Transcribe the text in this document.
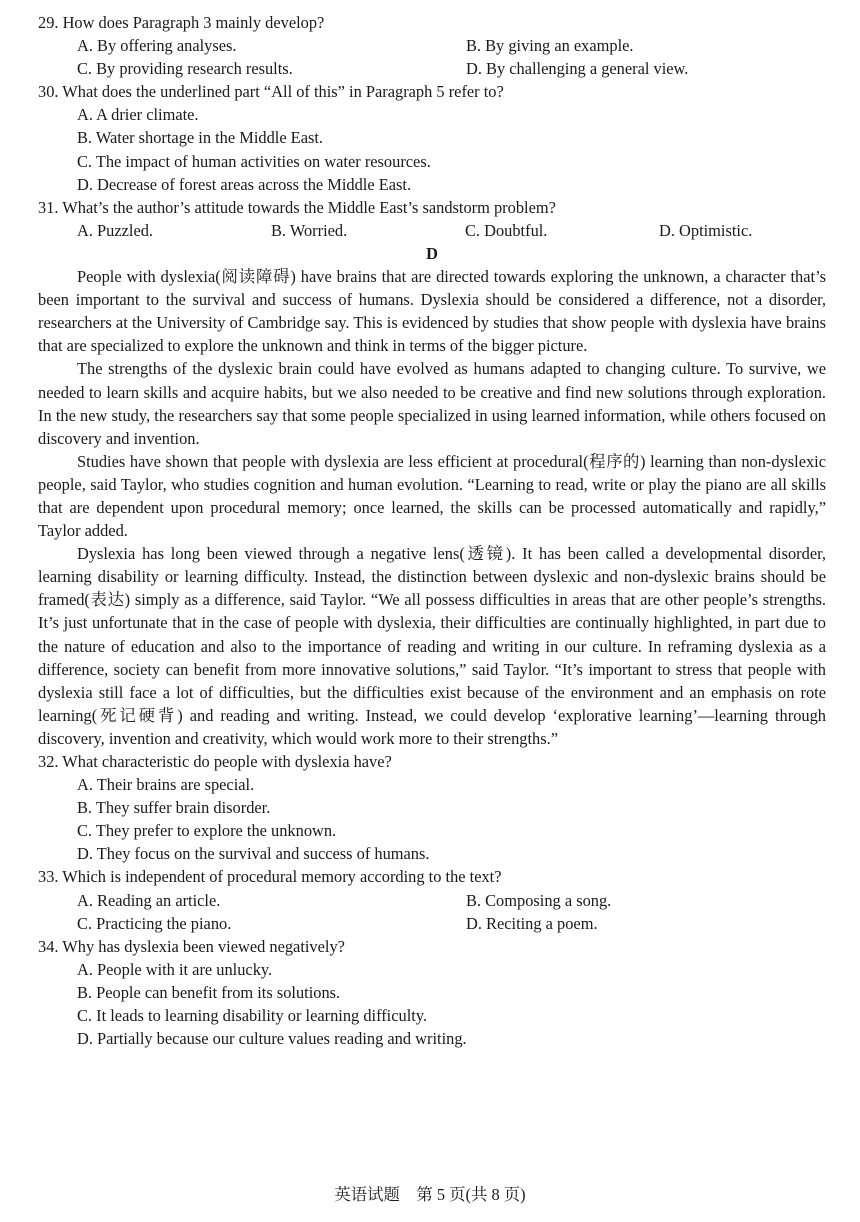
29. How does Paragraph 3 mainly develop?
A. By offering analyses.	B. By giving an example.
C. By providing research results.	D. By challenging a general view.
30. What does the underlined part “All of this” in Paragraph 5 refer to?
A. A drier climate.
B. Water shortage in the Middle East.
C. The impact of human activities on water resources.
D. Decrease of forest areas across the Middle East.
31. What’s the author’s attitude towards the Middle East’s sandstorm problem?
A. Puzzled.	B. Worried.	C. Doubtful.	D. Optimistic.
D

People with dyslexia(阅读障碍) have brains that are directed towards exploring the unknown, a character that’s been important to the survival and success of humans. Dyslexia should be considered a difference, not a disorder, researchers at the University of Cambridge say. This is evidenced by studies that show people with dyslexia have brains that are specialized to explore the unknown and think in terms of the bigger picture.

The strengths of the dyslexic brain could have evolved as humans adapted to changing culture. To survive, we needed to learn skills and acquire habits, but we also needed to be creative and find new solutions through exploration. In the new study, the researchers say that some people specialized in using learned information, while others focused on discovery and invention.

Studies have shown that people with dyslexia are less efficient at procedural(程序的) learning than non-dyslexic people, said Taylor, who studies cognition and human evolution. “Learning to read, write or play the piano are all skills that are dependent upon procedural memory; once learned, the skills can be processed automatically and rapidly,” Taylor added.

Dyslexia has long been viewed through a negative lens(透镜). It has been called a developmental disorder, learning disability or learning difficulty. Instead, the distinction between dyslexic and non-dyslexic brains should be framed(表达) simply as a difference, said Taylor. “We all possess difficulties in areas that are other people’s strengths. It’s just unfortunate that in the case of people with dyslexia, their difficulties are continually highlighted, in part due to the nature of education and also to the importance of reading and writing in our culture. In reframing dyslexia as a difference, society can benefit from more innovative solutions,” said Taylor. “It’s important to stress that people with dyslexia still face a lot of difficulties, but the difficulties exist because of the environment and an emphasis on rote learning(死记硬背) and reading and writing. Instead, we could develop ‘explorative learning’—learning through discovery, invention and creativity, which would work more to their strengths.”

32. What characteristic do people with dyslexia have?
A. Their brains are special.
B. They suffer brain disorder.
C. They prefer to explore the unknown.
D. They focus on the survival and success of humans.
33. Which is independent of procedural memory according to the text?
A. Reading an article.	B. Composing a song.
C. Practicing the piano.	D. Reciting a poem.
34. Why has dyslexia been viewed negatively?
A. People with it are unlucky.
B. People can benefit from its solutions.
C. It leads to learning disability or learning difficulty.
D. Partially because our culture values reading and writing.
英语试题　第 5 页(共 8 页)
